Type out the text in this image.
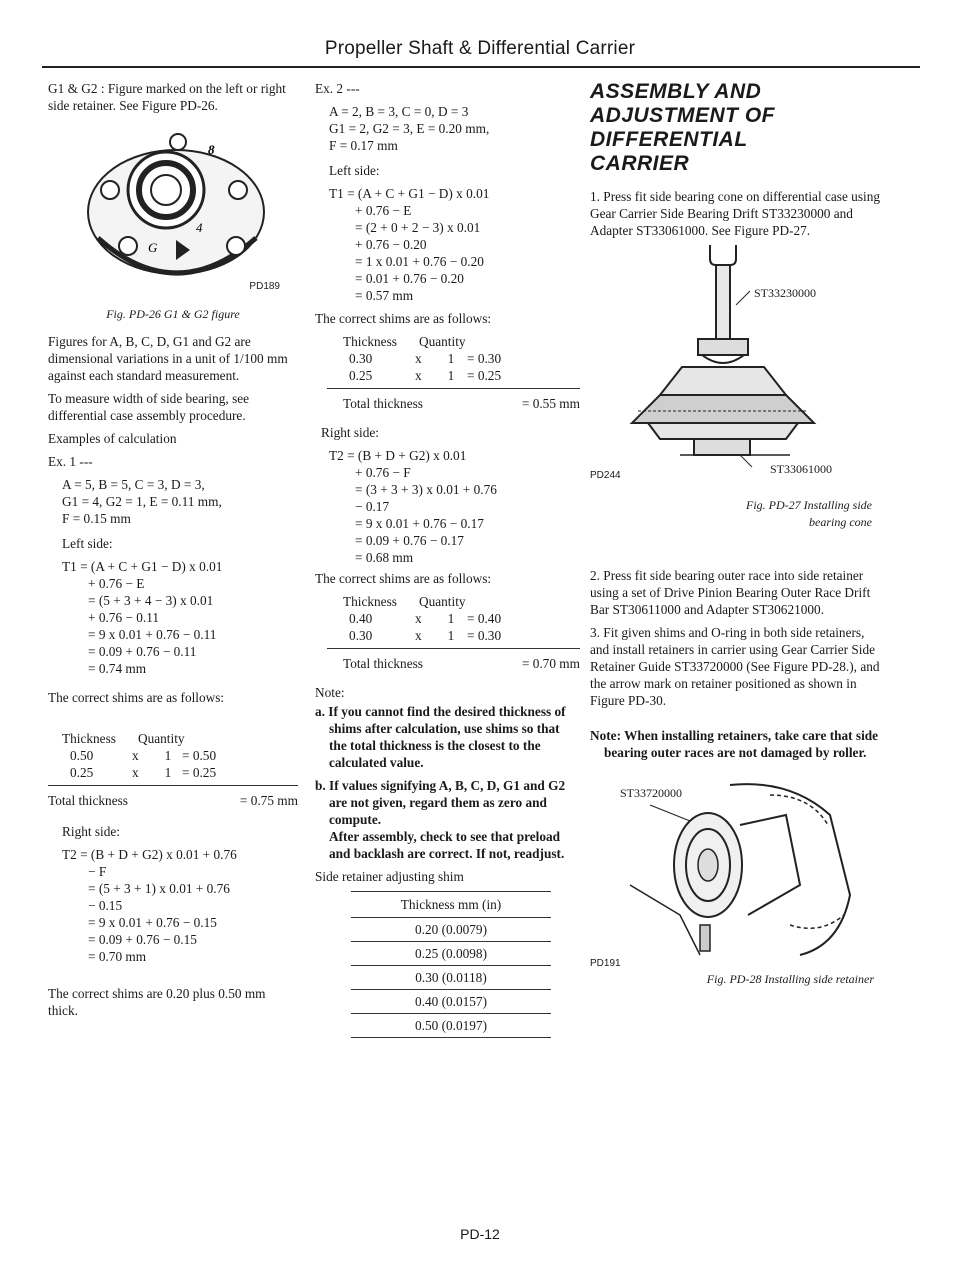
Propeller Shaft & Differential Carrier

G1 & G2 : Figure marked on the left or right side retainer. See Figure PD-26.

8
G
4
PD189
Fig. PD-26 G1 & G2 figure

Figures for A, B, C, D, G1 and G2 are dimensional variations in a unit of 1/100 mm against each standard measurement.

To measure width of side bearing, see differential case assembly procedure.

Examples of calculation

Ex. 1 ---

A = 5, B = 5, C = 3, D = 3,
G1 = 4, G2 = 1, E = 0.11 mm,
F = 0.15 mm

Left side:

T1 = (A + C + G1 − D) x 0.01
+ 0.76 − E
= (5 + 3 + 4 − 3) x 0.01
+ 0.76 − 0.11
= 9 x 0.01 + 0.76 − 0.11
= 0.09 + 0.76 − 0.11
= 0.74 mm

The correct shims are as follows:

Thickness	Quantity
0.50	x 1 = 0.50
0.25	x 1 = 0.25
Total thickness	= 0.75 mm

Right side:

T2 = (B + D + G2) x 0.01 + 0.76
− F
= (5 + 3 + 1) x 0.01 + 0.76
− 0.15
= 9 x 0.01 + 0.76 − 0.15
= 0.09 + 0.76 − 0.15
= 0.70 mm

The correct shims are 0.20 plus 0.50 mm thick.

Ex. 2 ---

A = 2, B = 3, C = 0, D = 3
G1 = 2, G2 = 3, E = 0.20 mm,
F = 0.17 mm

Left side:

T1 = (A + C + G1 − D) x 0.01
+ 0.76 − E
= (2 + 0 + 2 − 3) x 0.01
+ 0.76 − 0.20
= 1 x 0.01 + 0.76 − 0.20
= 0.01 + 0.76 − 0.20
= 0.57 mm

The correct shims are as follows:

Thickness	Quantity
0.30	x 1 = 0.30
0.25	x 1 = 0.25
Total thickness	= 0.55 mm

Right side:

T2 = (B + D + G2) x 0.01
+ 0.76 − F
= (3 + 3 + 3) x 0.01 + 0.76
− 0.17
= 9 x 0.01 + 0.76 − 0.17
= 0.09 + 0.76 − 0.17
= 0.68 mm

The correct shims are as follows:

Thickness	Quantity
0.40	x 1 = 0.40
0.30	x 1 = 0.30
Total thickness	= 0.70 mm

Note:

a. If you cannot find the desired thickness of shims after calculation, use shims so that the total thickness is the closest to the calculated value.

b. If values signifying A, B, C, D, G1 and G2 are not given, regard them as zero and compute.

After assembly, check to see that preload and backlash are correct. If not, readjust.

Side retainer adjusting shim

Thickness mm (in)
0.20 (0.0079)
0.25 (0.0098)
0.30 (0.0118)
0.40 (0.0157)
0.50 (0.0197)
ASSEMBLY AND
ADJUSTMENT OF
DIFFERENTIAL
CARRIER

1. Press fit side bearing cone on differential case using Gear Carrier Side Bearing Drift ST33230000 and Adapter ST33061000. See Figure PD-27.

ST33230000
ST33061000
PD244
Fig. PD-27 Installing side bearing cone

2. Press fit side bearing outer race into side retainer using a set of Drive Pinion Bearing Outer Race Drift Bar ST30611000 and Adapter ST30621000.

3. Fit given shims and O-ring in both side retainers, and install retainers in carrier using Gear Carrier Side Retainer Guide ST33720000 (See Figure PD-28.), and the arrow mark on retainer positioned as shown in Figure PD-30.

Note: When installing retainers, take care that side bearing outer races are not damaged by roller.

ST33720000
PD191
Fig. PD-28 Installing side retainer
PD-12
